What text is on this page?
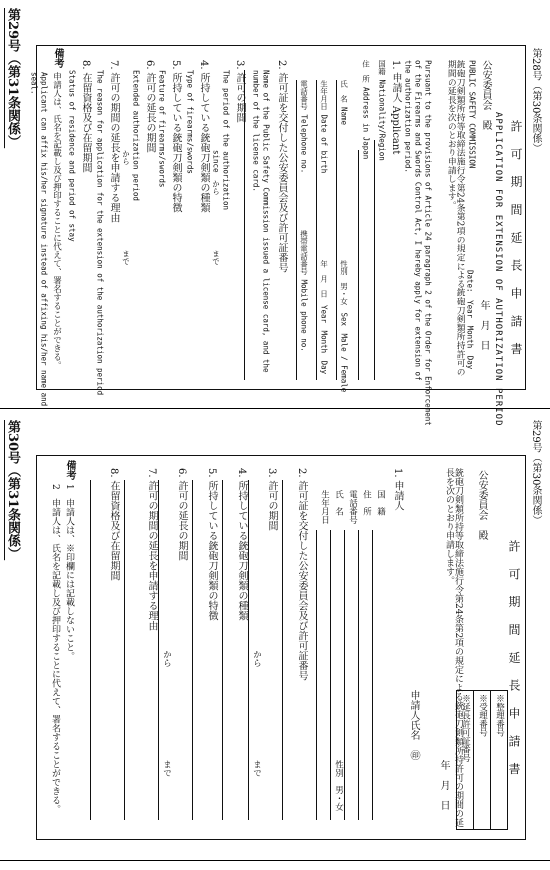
第29号（第31条関係）	第28号（第30条関係）
許 可 期 間 延 長 申 請 書
APPLICATION FOR EXTENSION OF AUTHORIZATION PERIOD
年　月　日
Date:　Year　Month　Day
公安委員会　殿
PUBLIC SAFETY COMMISSION
銃砲刀剣類所持等取締法施行令第24条第2項の規定による銃砲刀剣類所持許可の期間の延長を次のとおり申請します。
Pursuant to the provisions of Article 24 paragraph 2 of the Order for Enforcement
of the Firearms and Swords Control Act, I hereby apply for extension of
the authorization period.
1. 申請人 Applicant
国籍 Nationality/Region
住　所 Address in Japan
氏　名 Name
性別　男・女　Sex　Male / Female
生年月日 Date of birth
年　月　日　Year　Month　Day
電話番号 Telephone no.
携帯電話番号 Mobile phone no.
2. 許可証を交付した公安委員会及び許可証番号
Name of the Public Safety Commission issued a license card, and the
number of the license card.
3. 許可の期間
The period of the authorization
since　から
まで
4. 所持している銃砲刀剣類の種類
Type of firearms/swords
5. 所持している銃砲刀剣類の特徴
Feature of firearms/swords
6. 許可の延長の期間
Extended authorization period
から
まで
7. 許可の期間の延長を申請する理由
The reason for application for the extension of the authorization period
8. 在留資格及び在留期間
Status of residence and period of stay
備考
申請人は、氏名を記載し及び押印することに代えて、署名することができる。
Applicant can affix his/her signature instead of affixing his/her name and
seal.
第30号（第31条関係）	第29号（第30条関係）
許 可 期 間 延 長 申 請 書
※整理番号
※受理番号
※延長許可証番号
年　月　日
公安委員会　殿
銃砲刀剣類所持等取締法施行令第24条第2項の規定による銃砲刀剣類所持許可の期間の延長を次のとおり申請します。
申請人氏名　㊞
1. 申請人
国　籍
住　所
電話番号
氏　名
性別　男・女
生年月日
2. 許可証を交付した公安委員会及び許可証番号
3. 許可の期間
から
まで
4. 所持している銃砲刀剣類の種類
5. 所持している銃砲刀剣類の特徴
6. 許可の延長の期間
から
まで
7. 許可の期間の延長を申請する理由
8. 在留資格及び在留期間
備考
1　申請人は、※印欄には記載しないこと。
2　申請人は、氏名を記載し及び押印することに代えて、署名することができる。
